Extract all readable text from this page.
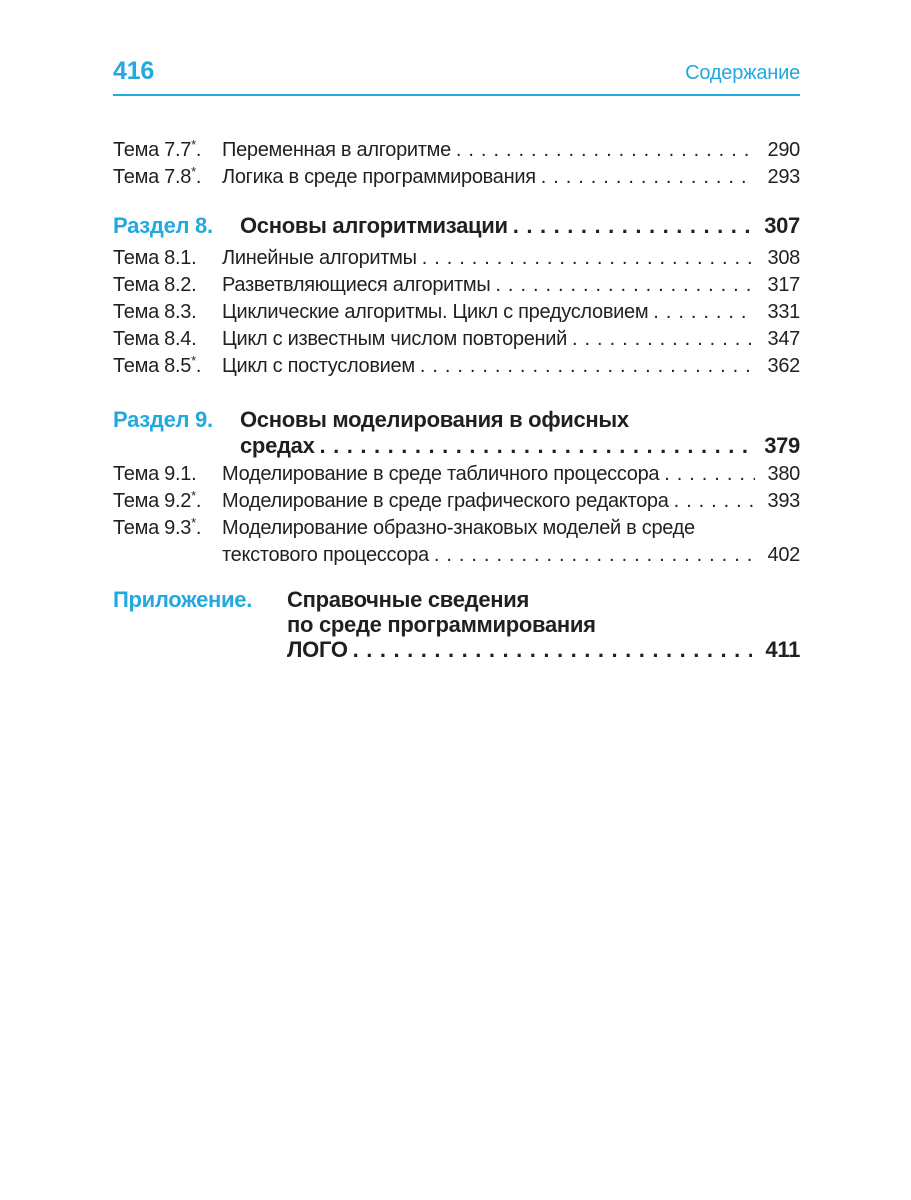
416	Содержание
Тема 7.7*.	Переменная в алгоритме . . .	290
Тема 7.8*.	Логика в среде программирования . . .	293
Раздел 8.	Основы алгоритмизации . . .	307
Тема 8.1.	Линейные алгоритмы . . .	308
Тема 8.2.	Разветвляющиеся алгоритмы . . .	317
Тема 8.3.	Циклические алгоритмы. Цикл с предусловием . . .	331
Тема 8.4.	Цикл с известным числом повторений . . .	347
Тема 8.5*.	Цикл с постусловием . . .	362
Раздел 9.	Основы моделирования в офисных
средах . . .	379
Тема 9.1.	Моделирование в среде табличного процессора . . .	380
Тема 9.2*.	Моделирование в среде графического редактора . . .	393
Тема 9.3*.	Моделирование образно-знаковых моделей в среде
текстового процессора . . .	402
Приложение.	Справочные сведения
по среде программирования
ЛОГО . . .	411
